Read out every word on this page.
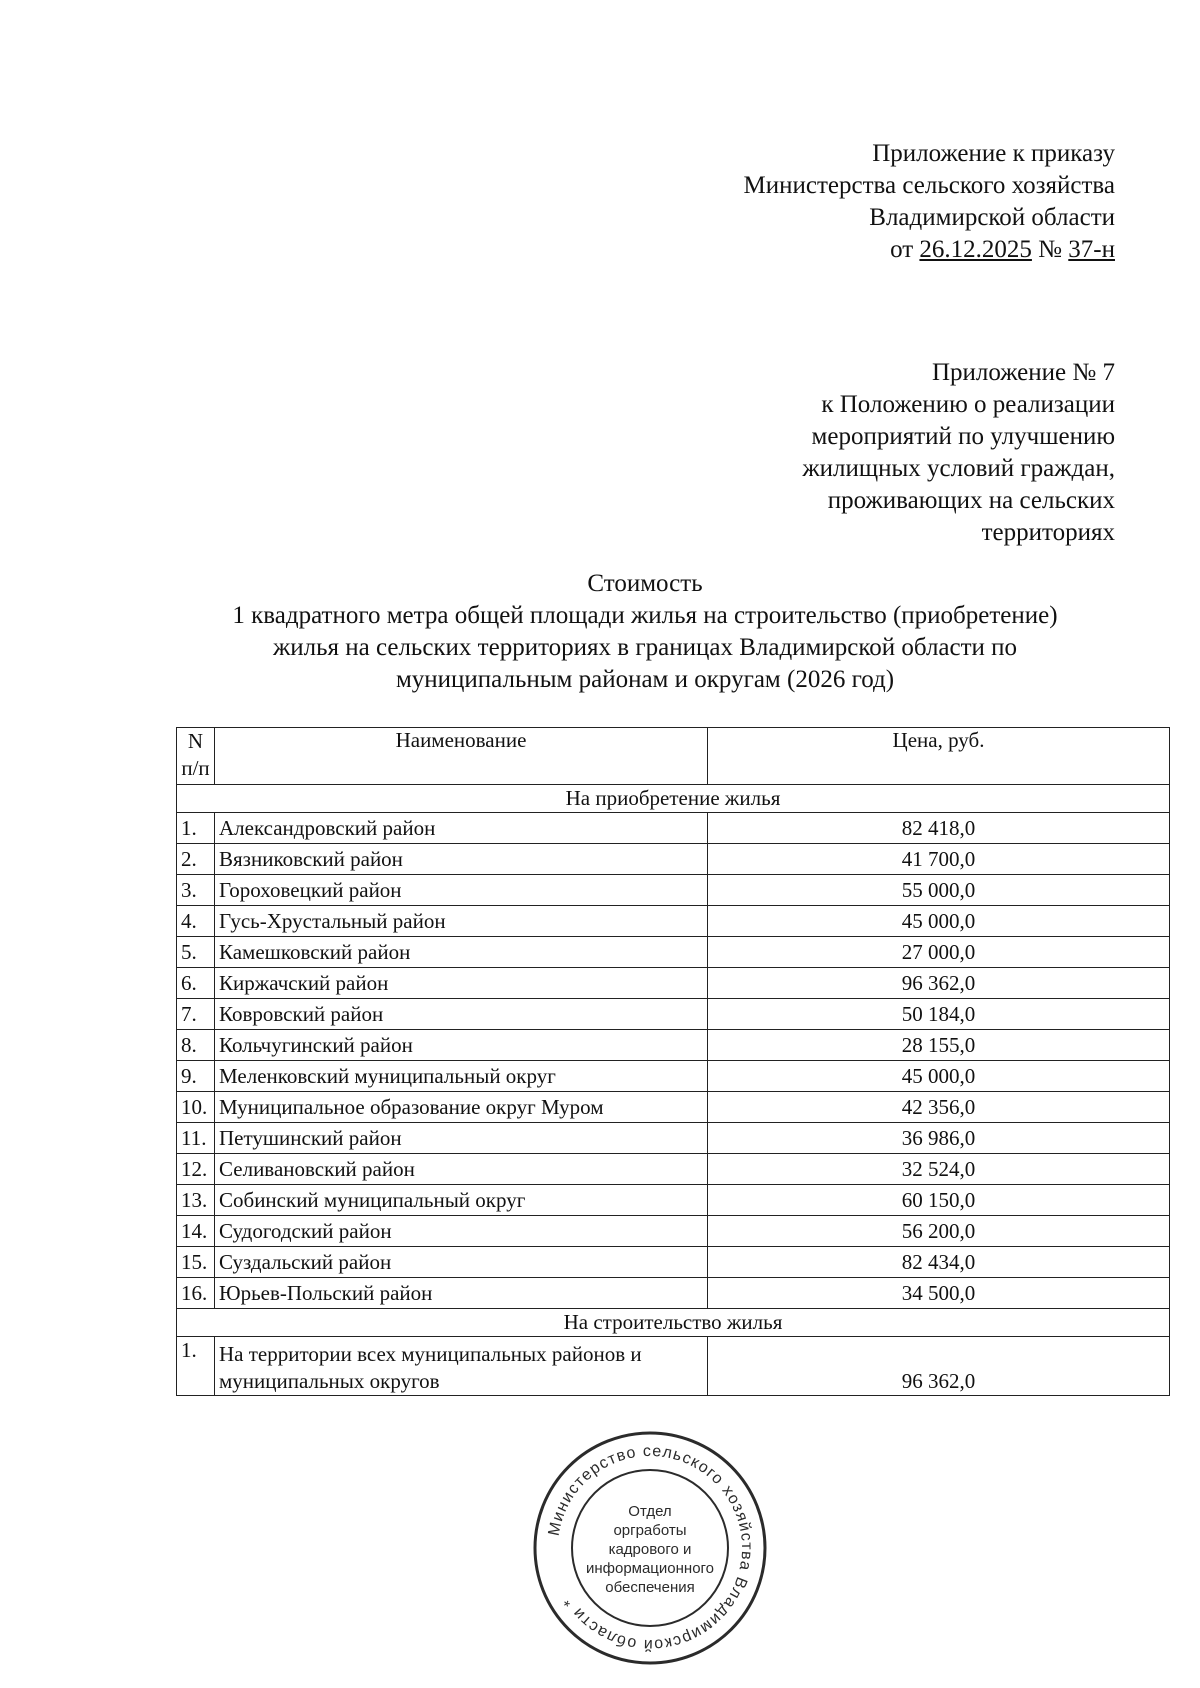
Приложение к приказу
Министерства сельского хозяйства
Владимирской области
от 26.12.2025 № 37-н
Приложение № 7
к Положению о реализации
мероприятий по улучшению
жилищных условий граждан,
проживающих на сельских
территориях
Стоимость
1 квадратного метра общей площади жилья на строительство (приобретение)
жилья на сельских территориях в границах Владимирской области по
муниципальным районам и округам (2026 год)
N
п/п	Наименование	Цена, руб.
На приобретение жилья		
1.	Александровский район	82 418,0
2.	Вязниковский район	41 700,0
3.	Гороховецкий район	55 000,0
4.	Гусь-Хрустальный район	45 000,0
5.	Камешковский район	27 000,0
6.	Киржачский район	96 362,0
7.	Ковровский район	50 184,0
8.	Кольчугинский район	28 155,0
9.	Меленковский муниципальный округ	45 000,0
10.	Муниципальное образование округ Муром	42 356,0
11.	Петушинский район	36 986,0
12.	Селивановский район	32 524,0
13.	Собинский муниципальный округ	60 150,0
14.	Судогодский район	56 200,0
15.	Суздальский район	82 434,0
16.	Юрьев-Польский район	34 500,0
На строительство жилья		
1.	На территории всех муниципальных районов и
муниципальных округов	96 362,0
Министерство сельского хозяйства Владимирской области *
Отдел
оргработы
кадрового и
информационного
обеспечения
